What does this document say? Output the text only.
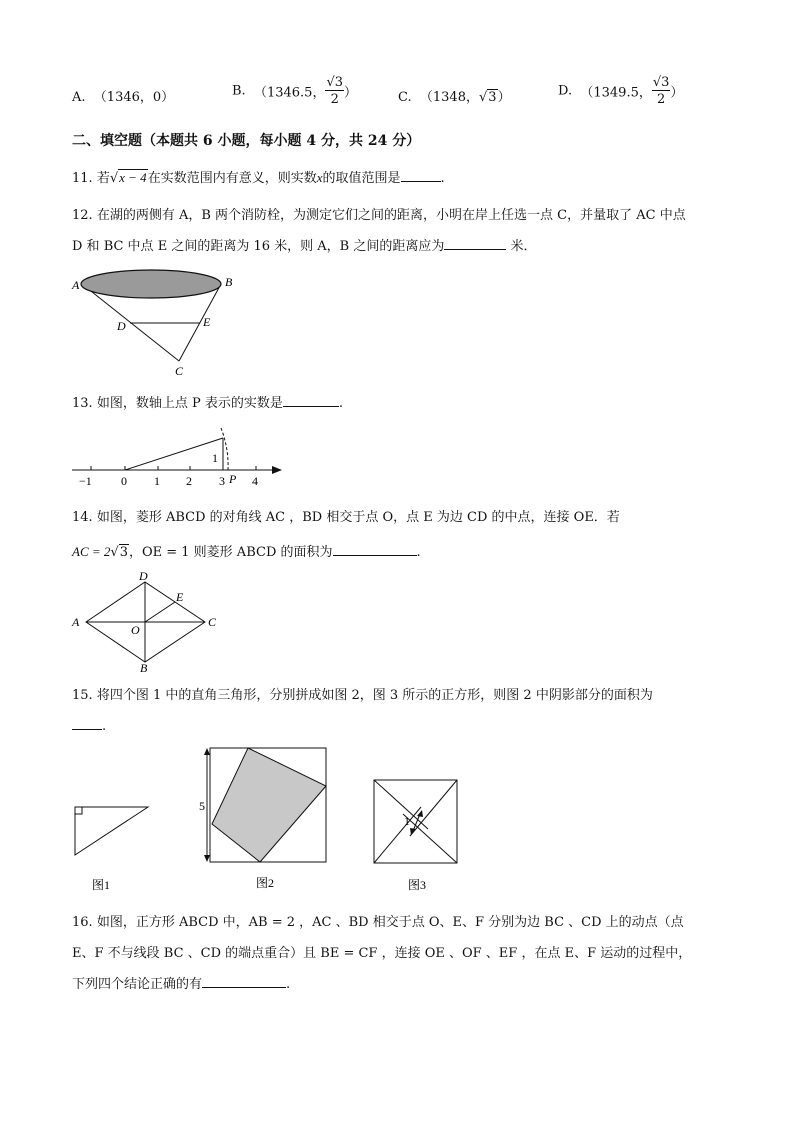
A. （1346，0）	B. （1346.5， $\frac{√3}{2}$ ）	C. （1348，√3）	D. （1349.5， $\frac{√3}{2}$ ）
二、填空题（本题共 6 小题，每小题 4 分，共 24 分）
11. 若√x − 4在实数范围内有意义，则实数x的取值范围是	.
12. 在湖的两侧有 A，B 两个消防栓，为测定它们之间的距离，小明在岸上任选一点 C，并量取了 AC 中点
D 和 BC 中点 E 之间的距离为 16 米，则 A，B 之间的距离应为	米．
A	B
C
D	E
13. 如图，数轴上点 P 表示的实数是	.
1
−1 0 1 2 3 4
P
14. 如图，菱形 ABCD 的对角线 AC ，BD 相交于点 O，点 E 为边 CD 的中点，连接 OE．若
AC = 2√3，OE = 1 则菱形 ABCD 的面积为	.
A	C
D
B
E
O
15. 将四个图 1 中的直角三角形，分别拼成如图 2，图 3 所示的正方形，则图 2 中阴影部分的面积为
.
5
1
图1	图2	图3
16. 如图，正方形 ABCD 中，AB = 2 ，AC 、BD 相交于点 O、E、F 分别为边 BC 、CD 上的动点（点
E、F 不与线段 BC 、CD 的端点重合）且 BE = CF ，连接 OE 、OF 、EF ，在点 E、F 运动的过程中，
下列四个结论正确的有	.
